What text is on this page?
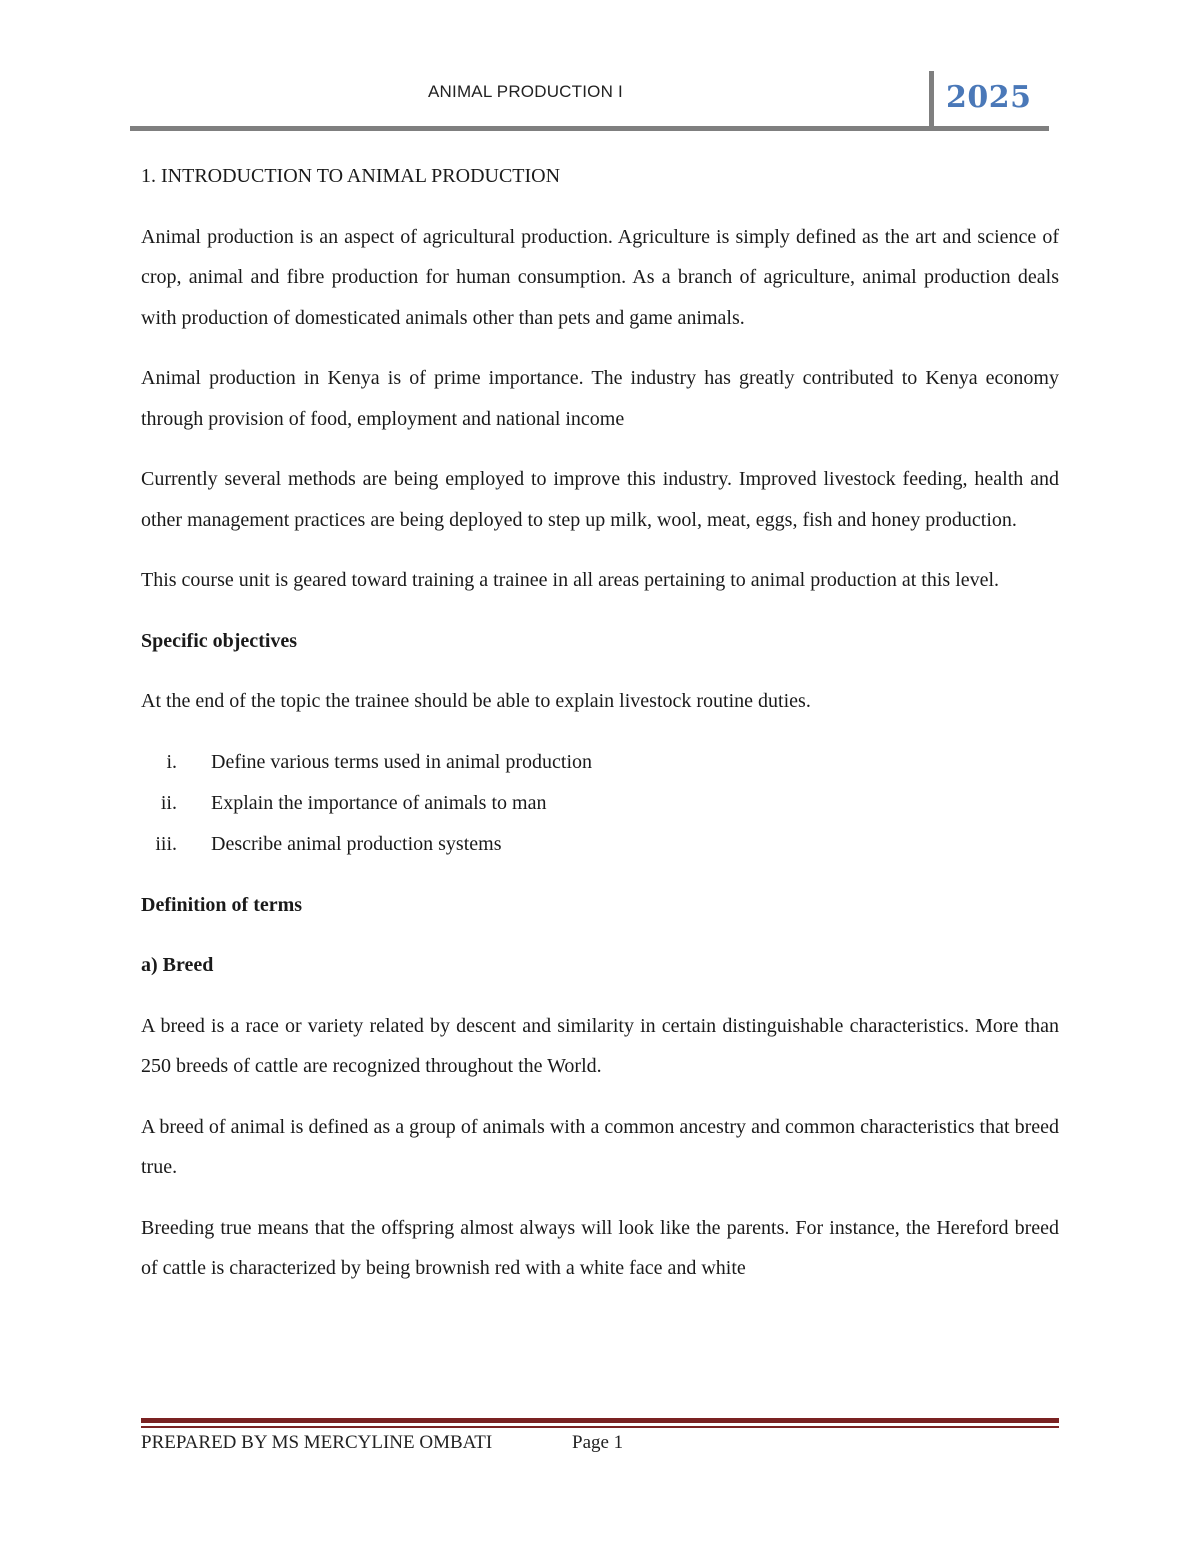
ANIMAL PRODUCTION I	2025

1. INTRODUCTION TO ANIMAL PRODUCTION

Animal production is an aspect of agricultural production. Agriculture is simply defined as the art and science of crop, animal and fibre production for human consumption. As a branch of agriculture, animal production deals with production of domesticated animals other than pets and game animals.

Animal production in Kenya is of prime importance. The industry has greatly contributed to Kenya economy through provision of food, employment and national income

Currently several methods are being employed to improve this industry. Improved livestock feeding, health and other management practices are being deployed to step up milk, wool, meat, eggs, fish and honey production.

This course unit is geared toward training a trainee in all areas pertaining to animal production at this level.

Specific objectives

At the end of the topic the trainee should be able to explain livestock routine duties.

i. Define various terms used in animal production
ii. Explain the importance of animals to man
iii. Describe animal production systems

Definition of terms

a) Breed

A breed is a race or variety related by descent and similarity in certain distinguishable characteristics. More than 250 breeds of cattle are recognized throughout the World.

A breed of animal is defined as a group of animals with a common ancestry and common characteristics that breed true.

Breeding true means that the offspring almost always will look like the parents. For instance, the Hereford breed of cattle is characterized by being brownish red with a white face and white

PREPARED BY MS MERCYLINE OMBATI	Page 1
